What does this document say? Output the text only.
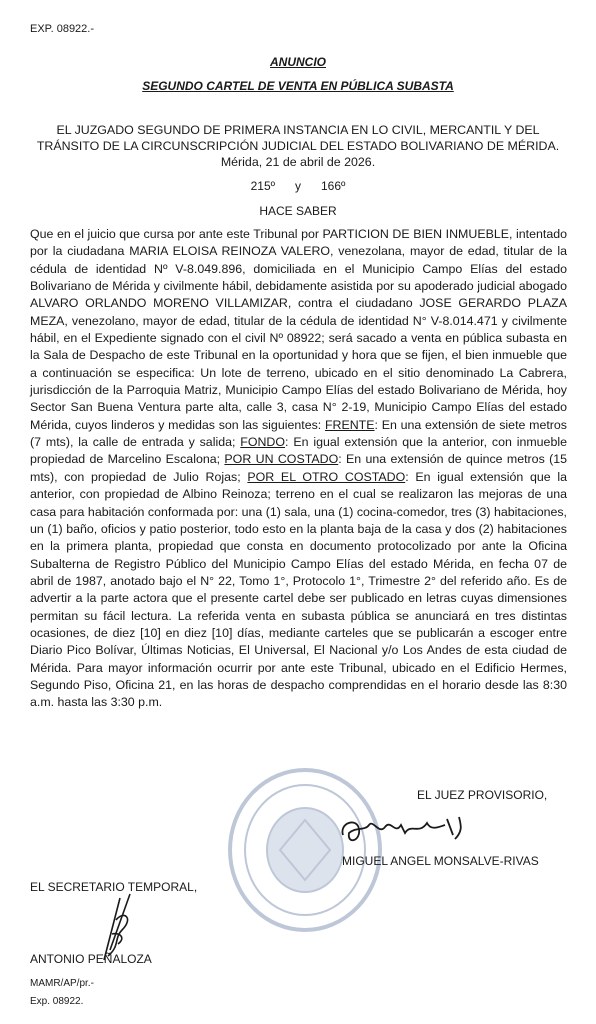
EXP. 08922.-
ANUNCIO
SEGUNDO CARTEL DE VENTA EN PÚBLICA SUBASTA
EL JUZGADO SEGUNDO DE PRIMERA INSTANCIA EN LO CIVIL, MERCANTIL Y DEL TRÁNSITO DE LA CIRCUNSCRIPCIÓN JUDICIAL DEL ESTADO BOLIVARIANO DE MÉRIDA. Mérida, 21 de abril de 2026.
215º y 166º
HACE SABER
Que en el juicio que cursa por ante este Tribunal por PARTICION DE BIEN INMUEBLE, intentado por la ciudadana MARIA ELOISA REINOZA VALERO, venezolana, mayor de edad, titular de la cédula de identidad Nº V-8.049.896, domiciliada en el Municipio Campo Elías del estado Bolivariano de Mérida y civilmente hábil, debidamente asistida por su apoderado judicial abogado ALVARO ORLANDO MORENO VILLAMIZAR, contra el ciudadano JOSE GERARDO PLAZA MEZA, venezolano, mayor de edad, titular de la cédula de identidad N° V-8.014.471 y civilmente hábil, en el Expediente signado con el civil Nº 08922; será sacado a venta en pública subasta en la Sala de Despacho de este Tribunal en la oportunidad y hora que se fijen, el bien inmueble que a continuación se especifica: Un lote de terreno, ubicado en el sitio denominado La Cabrera, jurisdicción de la Parroquia Matriz, Municipio Campo Elías del estado Bolivariano de Mérida, hoy Sector San Buena Ventura parte alta, calle 3, casa N° 2-19, Municipio Campo Elías del estado Mérida, cuyos linderos y medidas son las siguientes: FRENTE: En una extensión de siete metros (7 mts), la calle de entrada y salida; FONDO: En igual extensión que la anterior, con inmueble propiedad de Marcelino Escalona; POR UN COSTADO: En una extensión de quince metros (15 mts), con propiedad de Julio Rojas; POR EL OTRO COSTADO: En igual extensión que la anterior, con propiedad de Albino Reinoza; terreno en el cual se realizaron las mejoras de una casa para habitación conformada por: una (1) sala, una (1) cocina-comedor, tres (3) habitaciones, un (1) baño, oficios y patio posterior, todo esto en la planta baja de la casa y dos (2) habitaciones en la primera planta, propiedad que consta en documento protocolizado por ante la Oficina Subalterna de Registro Público del Municipio Campo Elías del estado Mérida, en fecha 07 de abril de 1987, anotado bajo el N° 22, Tomo 1°, Protocolo 1°, Trimestre 2° del referido año. Es de advertir a la parte actora que el presente cartel debe ser publicado en letras cuyas dimensiones permitan su fácil lectura. La referida venta en subasta pública se anunciará en tres distintas ocasiones, de diez [10] en diez [10] días, mediante carteles que se publicarán a escoger entre Diario Pico Bolívar, Últimas Noticias, El Universal, El Nacional y/o Los Andes de esta ciudad de Mérida. Para mayor información ocurrir por ante este Tribunal, ubicado en el Edificio Hermes, Segundo Piso, Oficina 21, en las horas de despacho comprendidas en el horario desde las 8:30 a.m. hasta las 3:30 p.m.
EL JUEZ PROVISORIO,
MIGUEL ANGEL MONSALVE-RIVAS
EL SECRETARIO TEMPORAL,
ANTONIO PEÑALOZA
MAMR/AP/pr.-
Exp. 08922.
